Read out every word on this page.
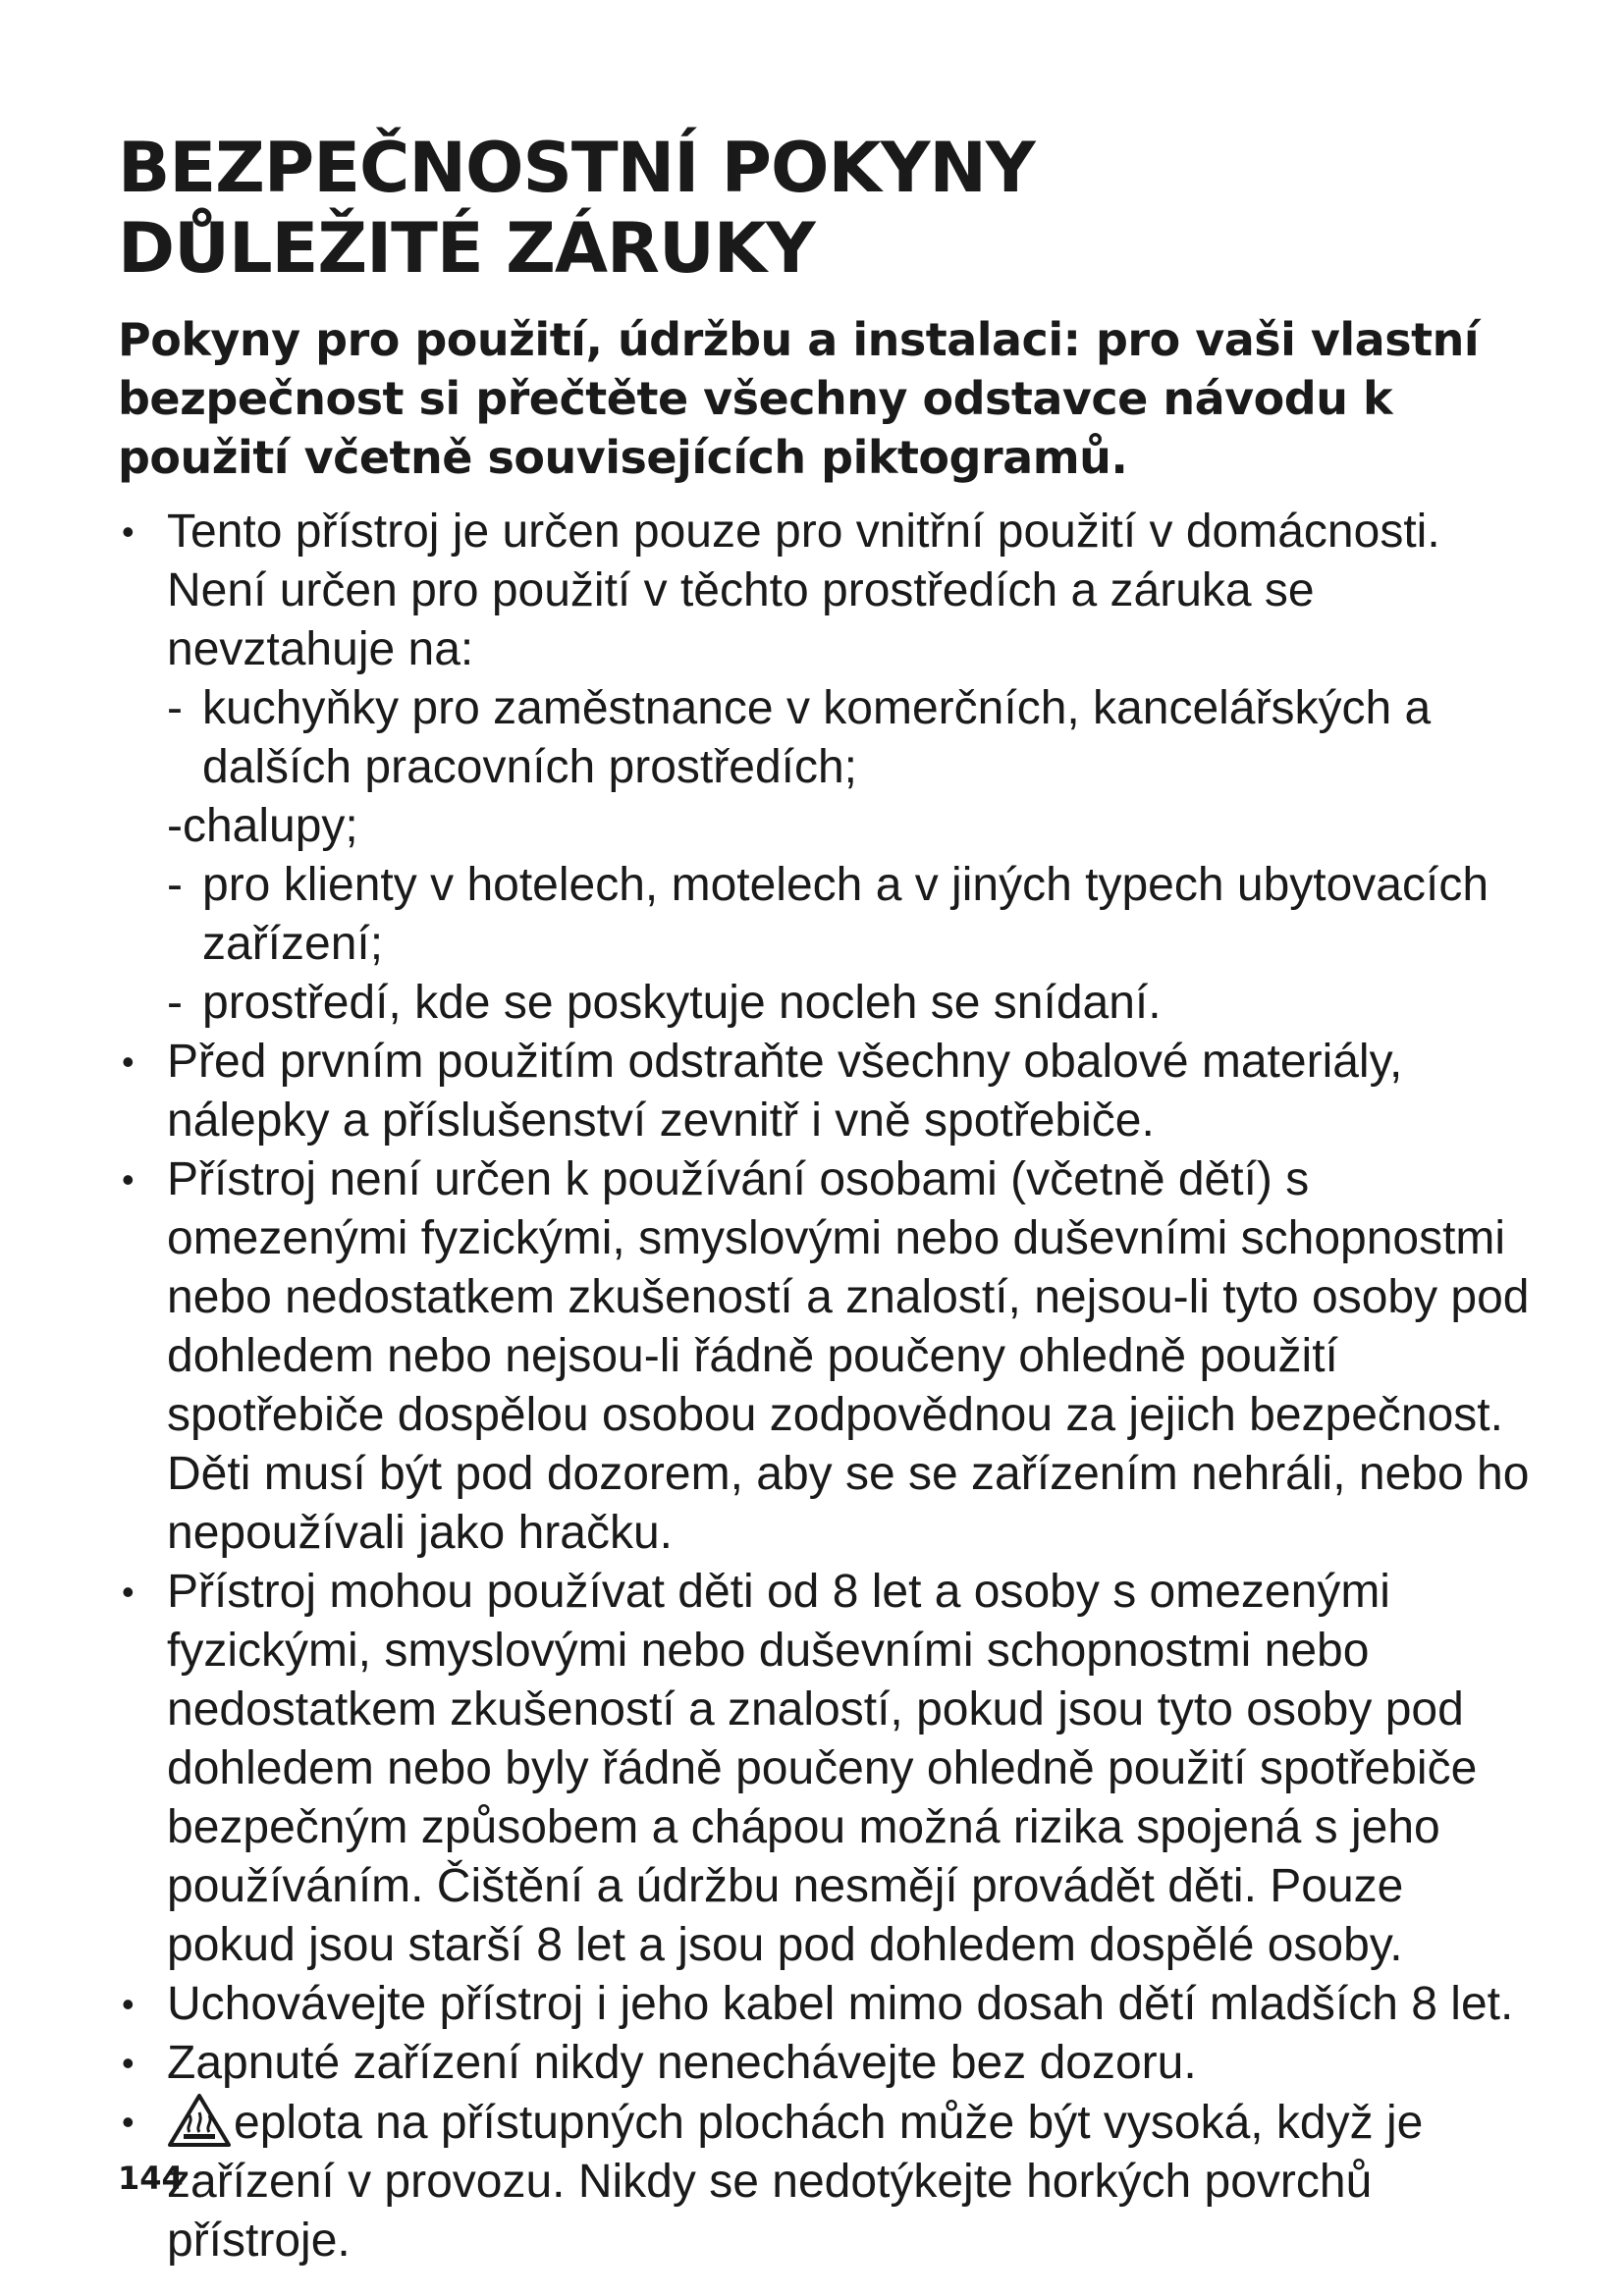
BEZPEČNOSTNÍ POKYNY
DŮLEŽITÉ ZÁRUKY

Pokyny pro použití, údržbu a instalaci: pro vaši vlastní bezpečnost si přečtěte všechny odstavce návodu k použití včetně souvisejících piktogramů.

• Tento přístroj je určen pouze pro vnitřní použití v domácnosti. Není určen pro použití v těchto prostředích a záruka se nevztahuje na:
- kuchyňky pro zaměstnance v komerčních, kancelářských a dalších pracovních prostředích;
-chalupy;
- pro klienty v hotelech, motelech a v jiných typech ubytovacích zařízení;
- prostředí, kde se poskytuje nocleh se snídaní.
• Před prvním použitím odstraňte všechny obalové materiály, nálepky a příslušenství zevnitř i vně spotřebiče.
• Přístroj není určen k používání osobami (včetně dětí) s omezenými fyzickými, smyslovými nebo duševními schopnostmi nebo nedostatkem zkušeností a znalostí, nejsou-li tyto osoby pod dohledem nebo nejsou-li řádně poučeny ohledně použití spotřebiče dospělou osobou zodpovědnou za jejich bezpečnost. Děti musí být pod dozorem, aby se se zařízením nehráli, nebo ho nepoužívali jako hračku.
• Přístroj mohou používat děti od 8 let a osoby s omezenými fyzickými, smyslovými nebo duševními schopnostmi nebo nedostatkem zkušeností a znalostí, pokud jsou tyto osoby pod dohledem nebo byly řádně poučeny ohledně použití spotřebiče bezpečným způsobem a chápou možná rizika spojená s jeho používáním. Čištění a údržbu nesmějí provádět děti. Pouze pokud jsou starší 8 let a jsou pod dohledem dospělé osoby.
• Uchovávejte přístroj i jeho kabel mimo dosah dětí mladších 8 let.
• Zapnuté zařízení nikdy nenechávejte bez dozoru.
• eplota na přístupných plochách může být vysoká, když je zařízení v provozu. Nikdy se nedotýkejte horkých povrchů přístroje.
144
